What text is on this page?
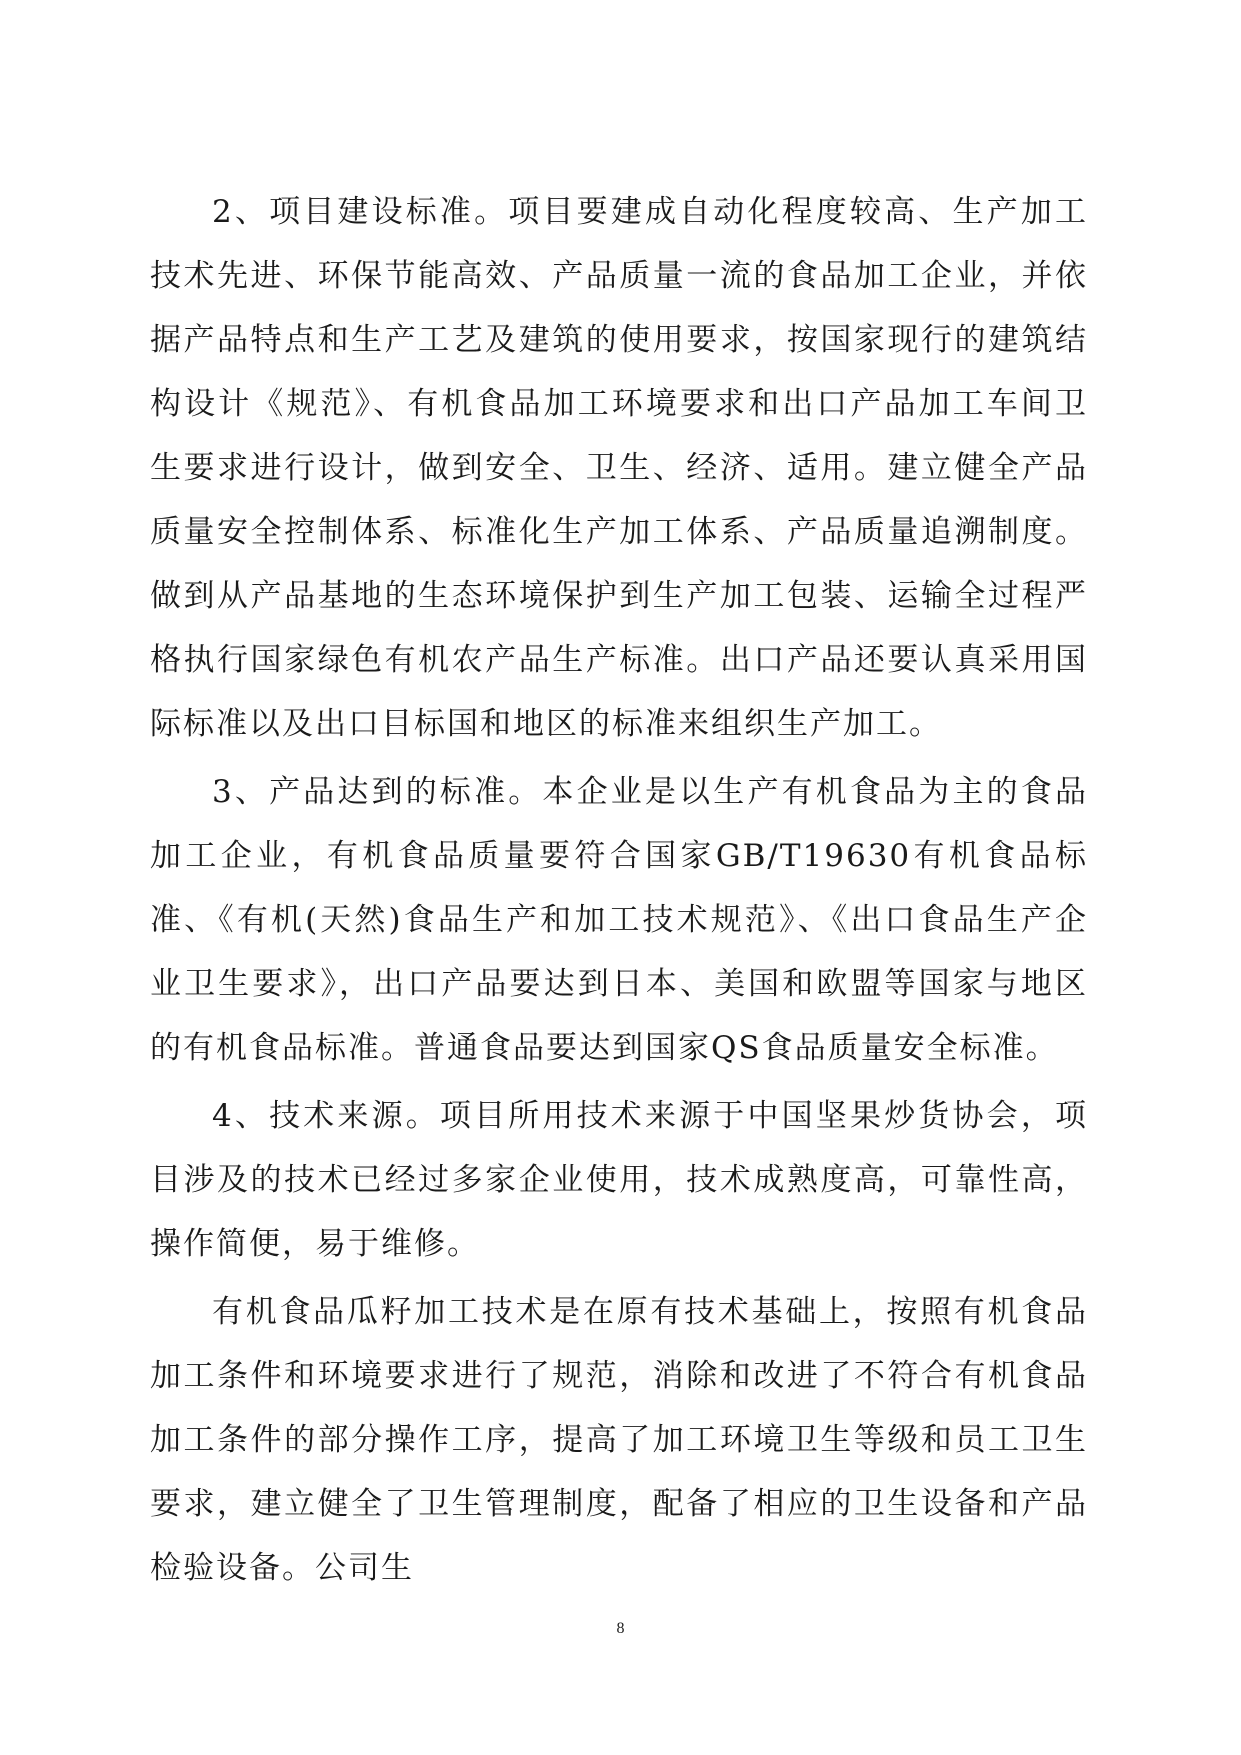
2、项目建设标准。项目要建成自动化程度较高、生产加工技术先进、环保节能高效、产品质量一流的食品加工企业，并依据产品特点和生产工艺及建筑的使用要求，按国家现行的建筑结构设计《规范》、有机食品加工环境要求和出口产品加工车间卫生要求进行设计，做到安全、卫生、经济、适用。建立健全产品质量安全控制体系、标准化生产加工体系、产品质量追溯制度。做到从产品基地的生态环境保护到生产加工包装、运输全过程严格执行国家绿色有机农产品生产标准。出口产品还要认真采用国际标准以及出口目标国和地区的标准来组织生产加工。

3、产品达到的标准。本企业是以生产有机食品为主的食品加工企业，有机食品质量要符合国家GB/T19630有机食品标准、《有机(天然)食品生产和加工技术规范》、《出口食品生产企业卫生要求》，出口产品要达到日本、美国和欧盟等国家与地区的有机食品标准。普通食品要达到国家QS食品质量安全标准。

4、技术来源。项目所用技术来源于中国坚果炒货协会，项目涉及的技术已经过多家企业使用，技术成熟度高，可靠性高，操作简便，易于维修。

有机食品瓜籽加工技术是在原有技术基础上，按照有机食品加工条件和环境要求进行了规范，消除和改进了不符合有机食品加工条件的部分操作工序，提高了加工环境卫生等级和员工卫生要求，建立健全了卫生管理制度，配备了相应的卫生设备和产品检验设备。公司生

8
